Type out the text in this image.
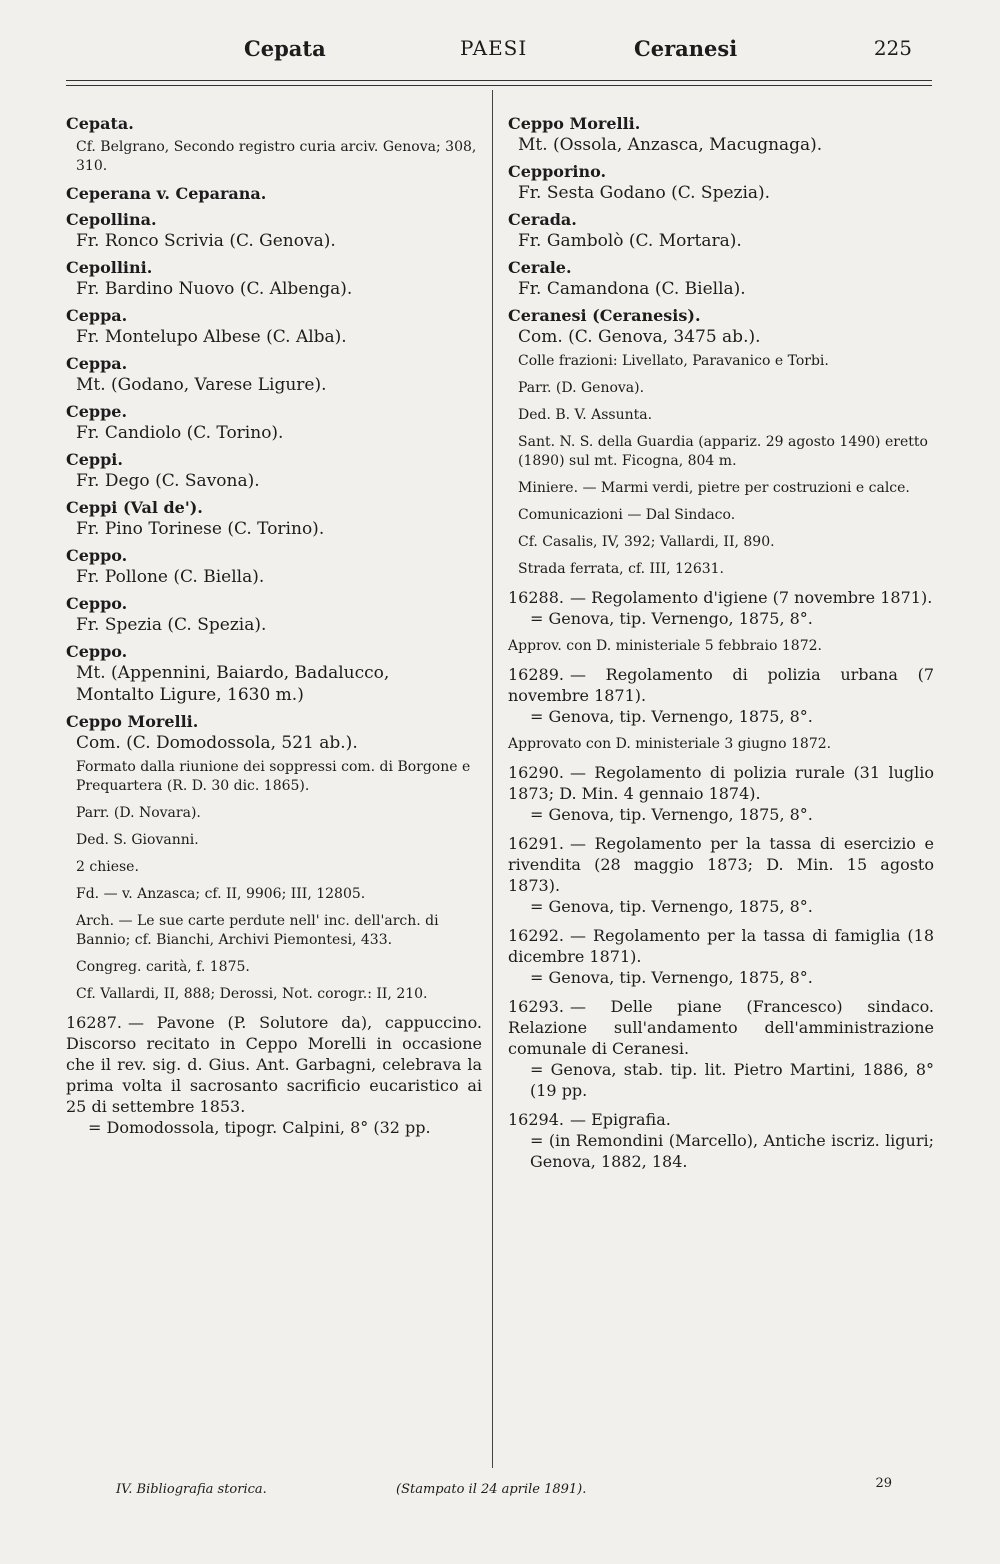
Cepata	PAESI	Ceranesi	225
Cepata.
Cf. Belgrano, Secondo registro curia arciv. Genova; 308, 310.
Ceperana v. Ceparana.
Cepollina.
Fr. Ronco Scrivia (C. Genova).
Cepollini.
Fr. Bardino Nuovo (C. Albenga).
Ceppa.
Fr. Montelupo Albese (C. Alba).
Ceppa.
Mt. (Godano, Varese Ligure).
Ceppe.
Fr. Candiolo (C. Torino).
Ceppi.
Fr. Dego (C. Savona).
Ceppi (Val de').
Fr. Pino Torinese (C. Torino).
Ceppo.
Fr. Pollone (C. Biella).
Ceppo.
Fr. Spezia (C. Spezia).
Ceppo.
Mt. (Appennini, Baiardo, Badalucco,
Montalto Ligure, 1630 m.)
Ceppo Morelli.
Com. (C. Domodossola, 521 ab.).
Formato dalla riunione dei soppressi com. di Borgone e Prequartera (R. D. 30 dic. 1865).
Parr. (D. Novara).
Ded. S. Giovanni.
2 chiese.
Fd. — v. Anzasca; cf. II, 9906; III, 12805.
Arch. — Le sue carte perdute nell' inc. dell'arch. di Bannio; cf. Bianchi, Archivi Piemontesi, 433.
Congreg. carità, f. 1875.
Cf. Vallardi, II, 888; Derossi, Not. corogr.: II, 210.
16287. — Pavone (P. Solutore da), cappuccino. Discorso recitato in Ceppo Morelli in occasione che il rev. sig. d. Gius. Ant. Garbagni, celebrava la prima volta il sacrosanto sacrificio eucaristico ai 25 di settembre 1853.
= Domodossola, tipogr. Calpini, 8° (32 pp.
Ceppo Morelli.
Mt. (Ossola, Anzasca, Macugnaga).
Cepporino.
Fr. Sesta Godano (C. Spezia).
Cerada.
Fr. Gambolò (C. Mortara).
Cerale.
Fr. Camandona (C. Biella).
Ceranesi (Ceranesis).
Com. (C. Genova, 3475 ab.).
Colle frazioni: Livellato, Paravanico e Torbi.
Parr. (D. Genova).
Ded. B. V. Assunta.
Sant. N. S. della Guardia (appariz. 29 agosto 1490) eretto (1890) sul mt. Ficogna, 804 m.
Miniere. — Marmi verdi, pietre per costruzioni e calce.
Comunicazioni — Dal Sindaco.
Cf. Casalis, IV, 392; Vallardi, II, 890.
Strada ferrata, cf. III, 12631.
16288. — Regolamento d'igiene (7 novembre 1871).
= Genova, tip. Vernengo, 1875, 8°.
Approv. con D. ministeriale 5 febbraio 1872.
16289. — Regolamento di polizia urbana (7 novembre 1871).
= Genova, tip. Vernengo, 1875, 8°.
Approvato con D. ministeriale 3 giugno 1872.
16290. — Regolamento di polizia rurale (31 luglio 1873; D. Min. 4 gennaio 1874).
= Genova, tip. Vernengo, 1875, 8°.
16291. — Regolamento per la tassa di esercizio e rivendita (28 maggio 1873; D. Min. 15 agosto 1873).
= Genova, tip. Vernengo, 1875, 8°.
16292. — Regolamento per la tassa di famiglia (18 dicembre 1871).
= Genova, tip. Vernengo, 1875, 8°.
16293. — Delle piane (Francesco) sindaco. Relazione sull'andamento dell'amministrazione comunale di Ceranesi.
= Genova, stab. tip. lit. Pietro Martini, 1886, 8° (19 pp.
16294. — Epigrafia.
= (in Remondini (Marcello), Antiche iscriz. liguri; Genova, 1882, 184.
IV. Bibliografia storica.	(Stampato il 24 aprile 1891).	29
